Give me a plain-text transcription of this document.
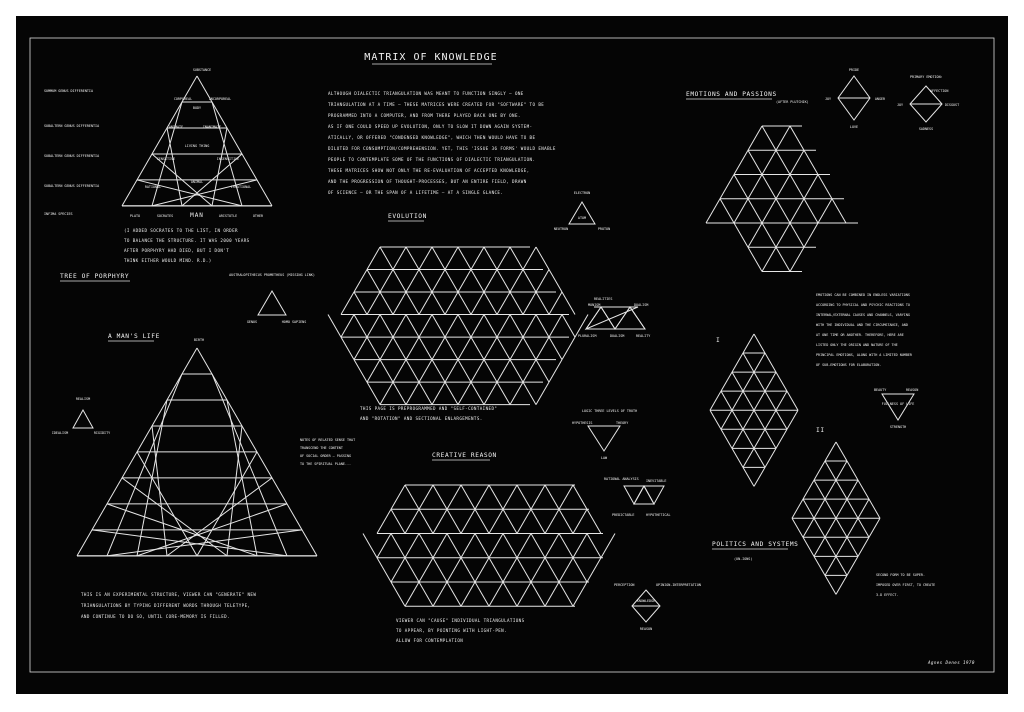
MATRIX OF KNOWLEDGE
ALTHOUGH DIALECTIC TRIANGULATION WAS MEANT TO FUNCTION SINGLY — ONE
TRIANGULATION AT A TIME — THESE MATRICES WERE CREATED FOR "SOFTWARE" TO BE
PROGRAMMED INTO A COMPUTER, AND FROM THERE PLAYED BACK ONE BY ONE.
AS IF ONE COULD SPEED UP EVOLUTION, ONLY TO SLOW IT DOWN AGAIN SYSTEM-
ATICALLY, OR OFFERED "CONDENSED KNOWLEDGE", WHICH THEN WOULD HAVE TO BE
DILUTED FOR CONSUMPTION/COMPREHENSION. YET, THIS 'ISSUE 36 FORMS' WOULD ENABLE
PEOPLE TO CONTEMPLATE SOME OF THE FUNCTIONS OF DIALECTIC TRIANGULATION.
THESE MATRICES SHOW NOT ONLY THE RE-EVALUATION OF ACCEPTED KNOWLEDGE,
AND THE PROGRESSION OF THOUGHT-PROCESSES, BUT AN ENTIRE FIELD, DRAWN
OF SCIENCE — OR THE SPAN OF A LIFETIME — AT A SINGLE GLANCE.
SUBSTANCE
CORPOREAL	INCORPOREAL
BODY
ANIMATE	INANIMATE
LIVING THING
SENSITIVE	INSENSITIVE
ANIMAL
RATIONAL	IRRATIONAL
PLATO	SOCRATES	MAN	ARISTOTLE	OTHER
SUMMUM GENUS DIFFERENTIA
SUBALTERN GENUS DIFFERENTIA
SUBALTERN GENUS DIFFERENTIA
SUBALTERN GENUS DIFFERENTIA
INFIMA SPECIES
(I ADDED SOCRATES TO THE LIST, IN ORDER
TO BALANCE THE STRUCTURE. IT WAS 2000 YEARS
AFTER PORPHYRY HAD DIED, BUT I DON'T
THINK EITHER WOULD MIND. R.D.)
TREE OF PORPHYRY	AUSTRALOPITHECUS PROMETHEUS (MISSING LINK)
GENUS	HOMO SAPIENS
A MAN'S LIFE	BIRTH
THIS IS AN EXPERIMENTAL STRUCTURE, VIEWER CAN "GENERATE" NEW
TRIANGULATIONS BY TYPING DIFFERENT WORDS THROUGH TELETYPE,
AND CONTINUE TO DO SO, UNTIL CORE-MEMORY IS FILLED.
REALISM
IDEALISM	RIGIDITY
NOTES OF RELATED SENSE THAT
TRANSCEND THE CONTENT
OF SOCIAL ORDER — PASSING
TO THE SPIRITUAL PLANE...
EVOLUTION
THIS PAGE IS PREPROGRAMMED AND "SELF-CONTAINED"
AND "ROTATION" AND SECTIONAL ENLARGEMENTS.
CREATIVE REASON
VIEWER CAN "CAUSE" INDIVIDUAL TRIANGULATIONS
TO APPEAR, BY POINTING WITH LIGHT-PEN.
ALLOW FOR CONTEMPLATION
ELECTRON
ATOM
NEUTRON	PROTON
REALITIES
MONISM	DUALISM
PLURALISM	DUALISM	REALITY
LOGIC THREE LEVELS OF TRUTH
HYPOTHESIS	THEORY
LAW
RATIONAL ANALYSIS INEVITABLE
PREDICTABLE	HYPOTHETICAL
PERCEPTION	OPINION-INTERPRETATION
KNOWLEDGE
REASON
EMOTIONS AND PASSIONS
(AFTER PLUTCHIK)
EMOTIONS CAN BE COMBINED IN ENDLESS VARIATIONS
ACCORDING TO PHYSICAL AND PSYCHIC REACTIONS TO
INTERNAL/EXTERNAL CAUSES AND CHANNELS, VARYING
WITH THE INDIVIDUAL AND THE CIRCUMSTANCE, AND
AT ONE TIME OR ANOTHER. THEREFORE, HERE ARE
LISTED ONLY THE ORIGIN AND NATURE OF THE
PRINCIPAL EMOTIONS, ALONG WITH A LIMITED NUMBER
OF SUB-EMOTIONS FOR ELABORATION.
PRIDE
JOY	ANGER
LOVE
PRIMARY EMOTION:
AFFECTION
JOY	DISGUST
SADNESS
BEAUTY	REASON
FULLNESS OF LIFE
STRENGTH
I
II
POLITICS AND SYSTEMS
(UN-IONS)
SECOND FORM TO BE SUPER-
IMPOSED OVER FIRST, TO CREATE
3-D EFFECT.
Agnes Denes 1970
